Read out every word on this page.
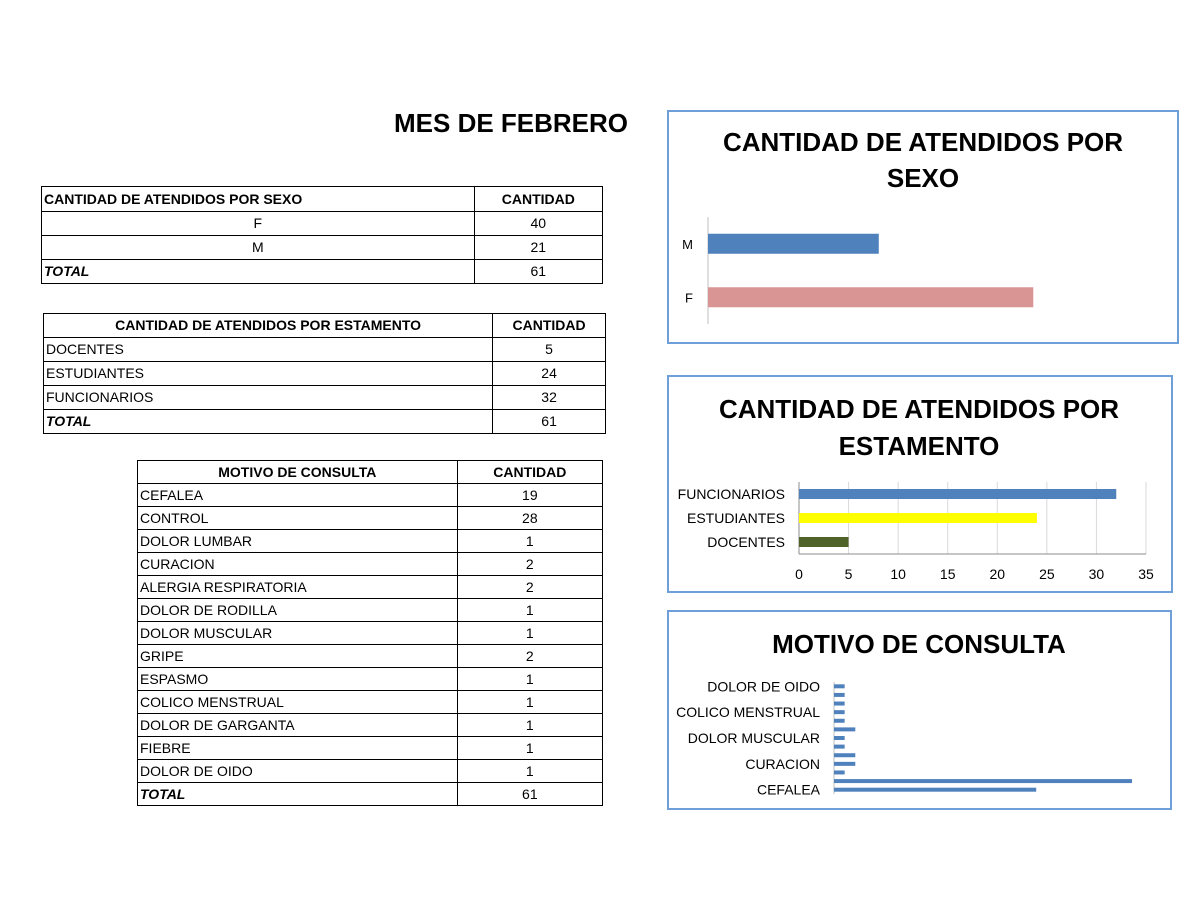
MES DE FEBRERO
CANTIDAD DE ATENDIDOS POR SEXO	CANTIDAD
F	40
M	21
TOTAL	61
CANTIDAD DE ATENDIDOS POR ESTAMENTO	CANTIDAD
DOCENTES	5
ESTUDIANTES	24
FUNCIONARIOS	32
TOTAL	61
MOTIVO DE CONSULTA	CANTIDAD
CEFALEA	19
CONTROL	28
DOLOR LUMBAR	1
CURACION	2
ALERGIA RESPIRATORIA	2
DOLOR DE RODILLA	1
DOLOR MUSCULAR	1
GRIPE	2
ESPASMO	1
COLICO MENSTRUAL	1
DOLOR DE GARGANTA	1
FIEBRE	1
DOLOR DE OIDO	1
TOTAL	61
CANTIDAD DE ATENDIDOS POR
SEXO
F
M
CANTIDAD DE ATENDIDOS POR
ESTAMENTO
0	5	10 15 20 25 30 35
DOCENTES
ESTUDIANTES
FUNCIONARIOS
MOTIVO DE CONSULTA
CEFALEA
CURACION
DOLOR MUSCULAR
COLICO MENSTRUAL
DOLOR DE OIDO
